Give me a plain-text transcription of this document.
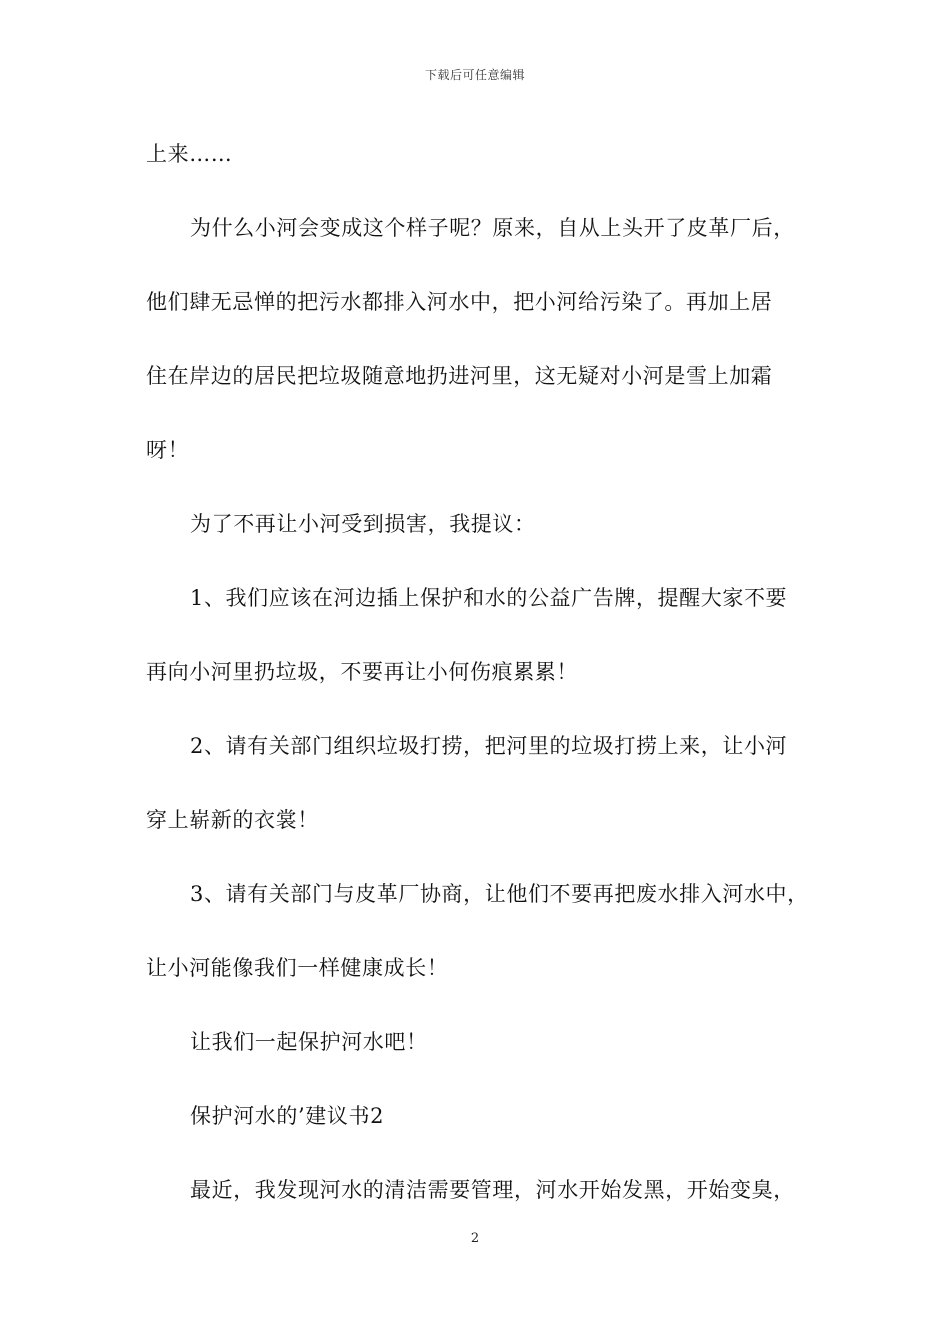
下载后可任意编辑
上来……
为什么小河会变成这个样子呢？原来，自从上头开了皮革厂后，
他们肆无忌惮的把污水都排入河水中，把小河给污染了。再加上居
住在岸边的居民把垃圾随意地扔进河里，这无疑对小河是雪上加霜
呀！
为了不再让小河受到损害，我提议：
1、我们应该在河边插上保护和水的公益广告牌，提醒大家不要
再向小河里扔垃圾，不要再让小何伤痕累累！
2、请有关部门组织垃圾打捞，把河里的垃圾打捞上来，让小河
穿上崭新的衣裳！
3、请有关部门与皮革厂协商，让他们不要再把废水排入河水中，
让小河能像我们一样健康成长！
让我们一起保护河水吧！
保护河水的’建议书2
最近，我发现河水的清洁需要管理，河水开始发黑，开始变臭，
2
